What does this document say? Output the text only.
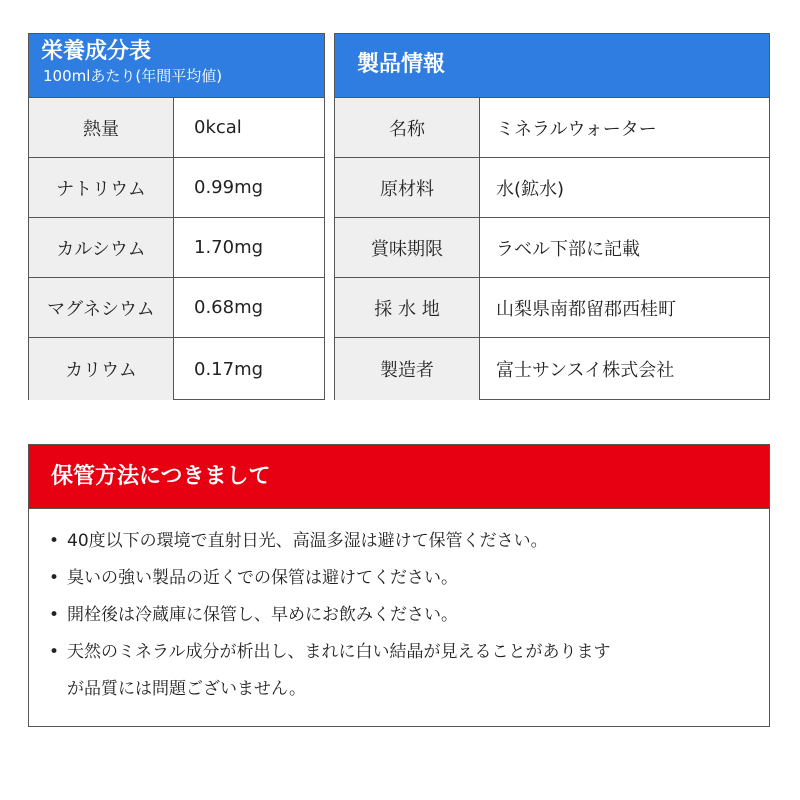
栄養成分表
100mlあたり(年間平均値)
熱量	0kcal
ナトリウム	0.99mg
カルシウム	1.70mg
マグネシウム	0.68mg
カリウム	0.17mg
製品情報
名称	ミネラルウォーター
原材料	水(鉱水)
賞味期限	ラベル下部に記載
採 水 地	山梨県南都留郡西桂町
製造者	富士サンスイ株式会社
保管方法につきまして
• 40度以下の環境で直射日光、高温多湿は避けて保管ください。
• 臭いの強い製品の近くでの保管は避けてください。
• 開栓後は冷蔵庫に保管し、早めにお飲みください。
• 天然のミネラル成分が析出し、まれに白い結晶が見えることがあります
が品質には問題ございません。
